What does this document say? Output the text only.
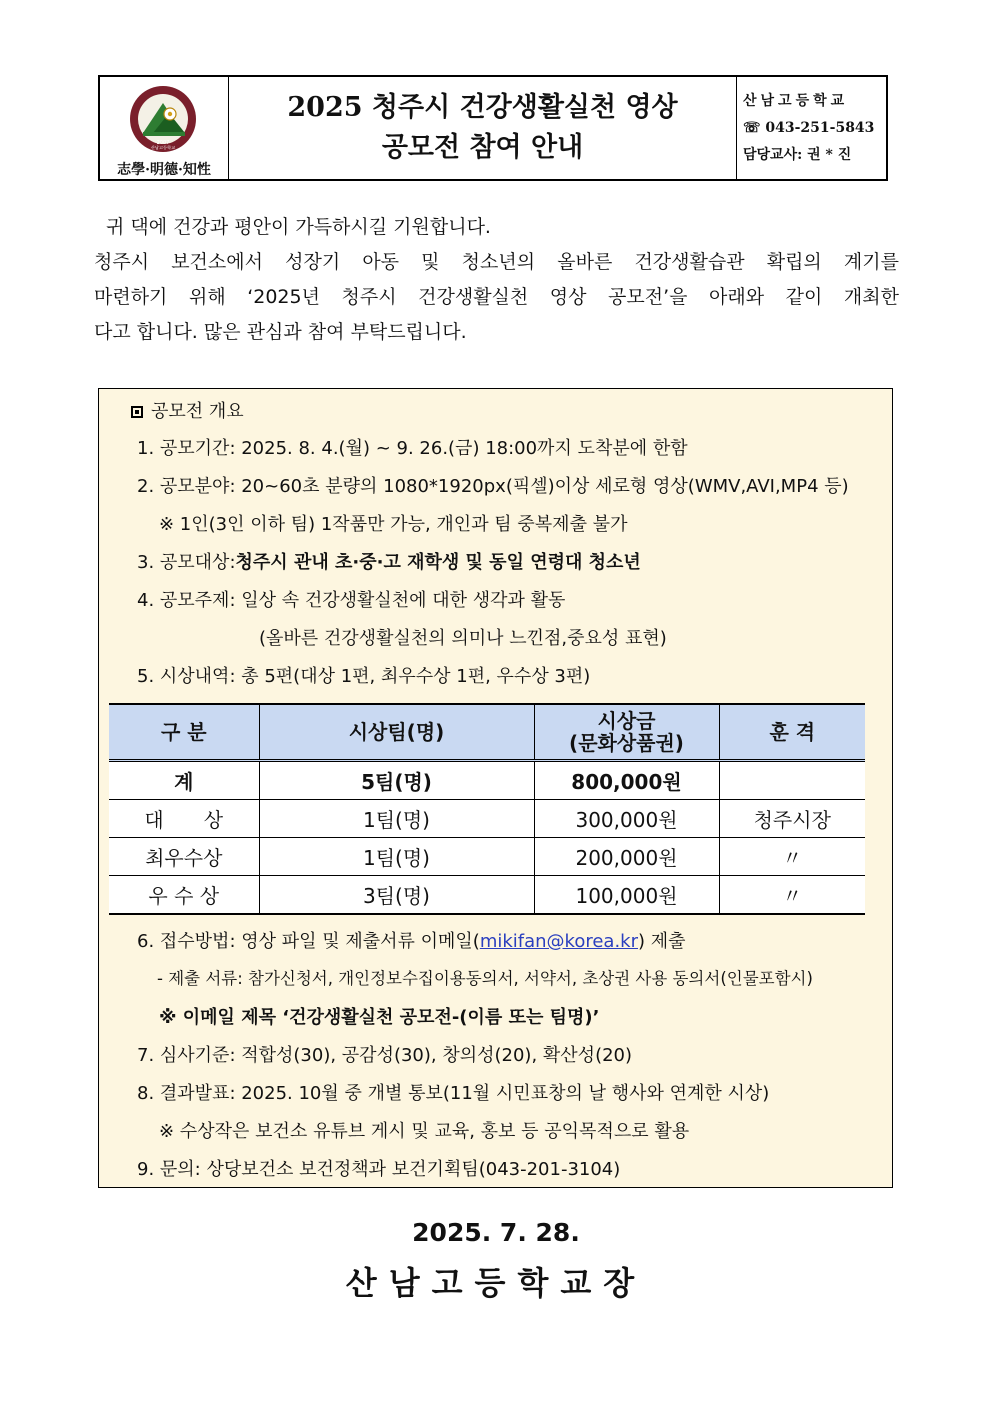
2007
산남고등학교
志學·明德·知性
2025 청주시 건강생활실천 영상
공모전 참여 안내
산남고등학교
☏ 043-251-5843
담당교사: 권 * 진

귀 댁에 건강과 평안이 가득하시길 기원합니다.

청주시 보건소에서 성장기 아동 및 청소년의 올바른 건강생활습관 확립의 계기를

마련하기 위해 ‘2025년 청주시 건강생활실천 영상 공모전’을 아래와 같이 개최한

다고 합니다. 많은 관심과 참여 부탁드립니다.

공모전 개요
1. 공모기간: 2025. 8. 4.(월) ~ 9. 26.(금) 18:00까지 도착분에 한함
2. 공모분야: 20~60초 분량의 1080*1920px(픽셀)이상 세로형 영상(WMV,AVI,MP4 등)
※ 1인(3인 이하 팀) 1작품만 가능, 개인과 팀 중복제출 불가
3. 공모대상:청주시 관내 초·중·고 재학생 및 동일 연령대 청소년
4. 공모주제: 일상 속 건강생활실천에 대한 생각과 활동
(올바른 건강생활실천의 의미나 느낀점,중요성 표현)
5. 시상내역: 총 5편(대상 1편, 최우수상 1편, 우수상 3편)
구 분	시상팀(명)	시상금
(문화상품권)	훈 격
계	5팀(명)	800,000원	
대　　상	1팀(명)	300,000원	청주시장
최우수상	1팀(명)	200,000원	〃
우 수 상	3팀(명)	100,000원	〃
6. 접수방법: 영상 파일 및 제출서류 이메일(mikifan@korea.kr) 제출
- 제출 서류: 참가신청서, 개인정보수집이용동의서, 서약서, 초상권 사용 동의서(인물포함시)
※ 이메일 제목 ‘건강생활실천 공모전-(이름 또는 팀명)’
7. 심사기준: 적합성(30), 공감성(30), 창의성(20), 확산성(20)
8. 결과발표: 2025. 10월 중 개별 통보(11월 시민표창의 날 행사와 연계한 시상)
※ 수상작은 보건소 유튜브 게시 및 교육, 홍보 등 공익목적으로 활용
9. 문의: 상당보건소 보건정책과 보건기획팀(043-201-3104)
2025. 7. 28.
산남고등학교장
